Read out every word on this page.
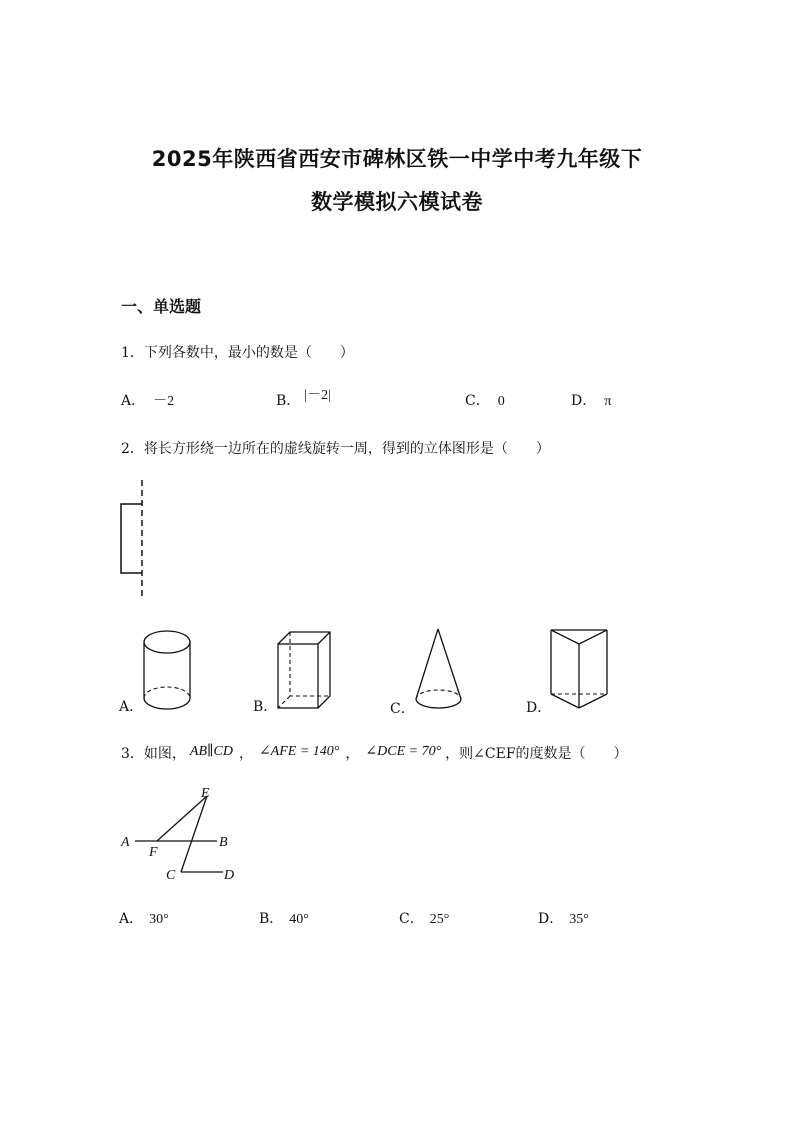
2025年陕西省西安市碑林区铁一中学中考九年级下
数学模拟六模试卷
一、单选题
1．下列各数中，最小的数是（　　）
A． －2	B． |－2|	C． 0	D． π
2．将长方形绕一边所在的虚线旋转一周，得到的立体图形是（　　）
A．	B．	C．	D．
3．如图， AB∥CD ， ∠AFE = 140° ， ∠DCE = 70° ，则∠CEF的度数是（　　）
E
A	B
F
C	D
A． 30°	B． 40°	C． 25°	D． 35°
